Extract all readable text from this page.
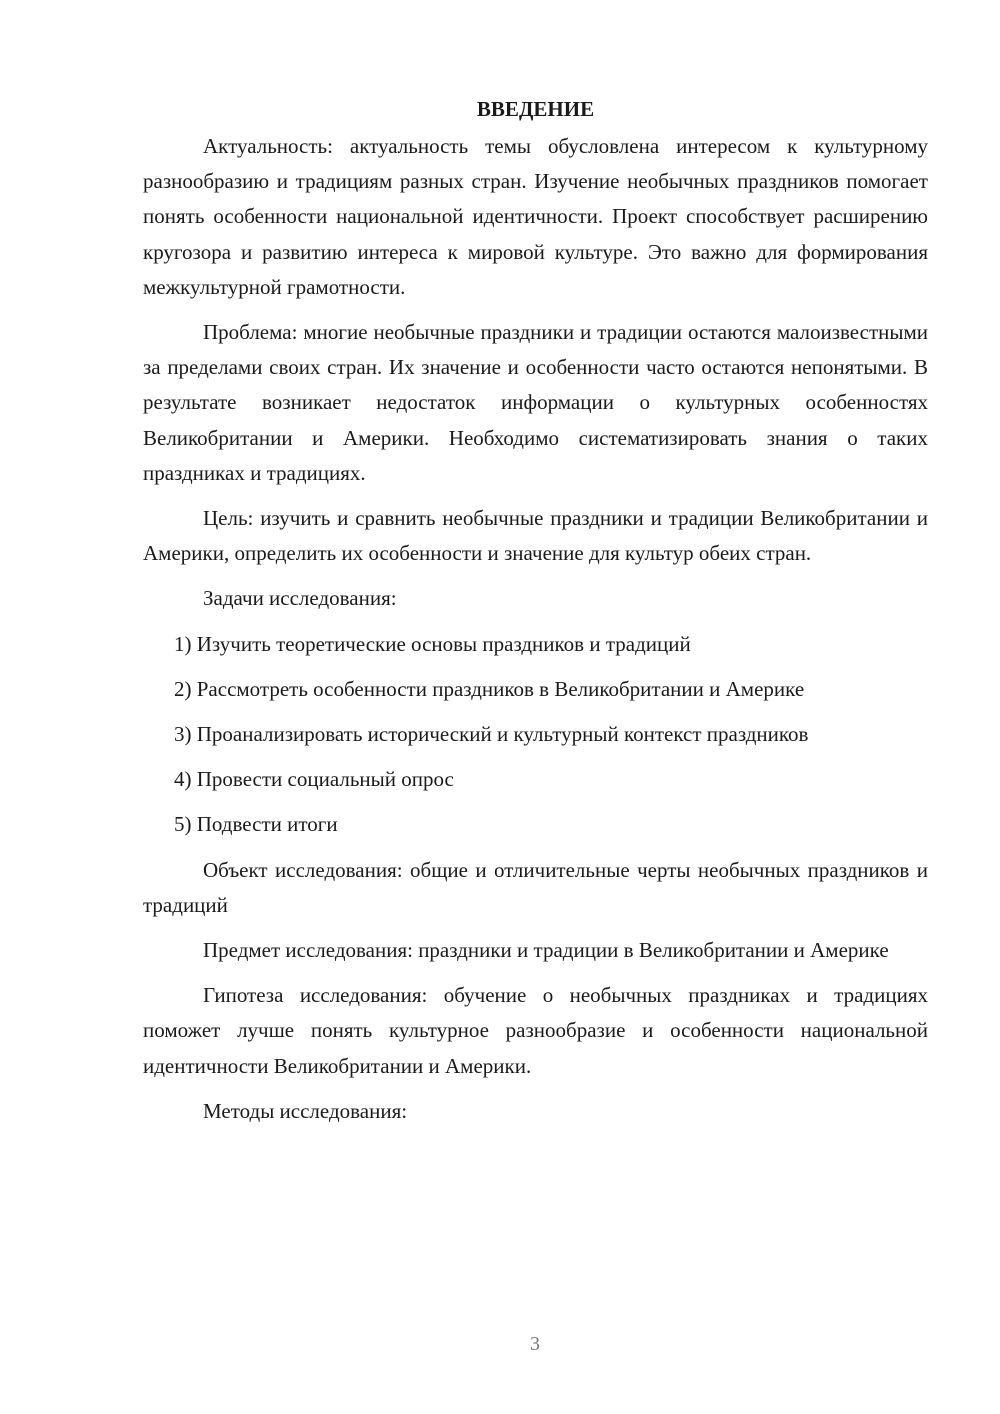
ВВЕДЕНИЕ

Актуальность: актуальность темы обусловлена интересом к культурному разнообразию и традициям разных стран. Изучение необычных праздников помогает понять особенности национальной идентичности. Проект способствует расширению кругозора и развитию интереса к мировой культуре. Это важно для формирования межкультурной грамотности.

Проблема: многие необычные праздники и традиции остаются малоизвестными за пределами своих стран. Их значение и особенности часто остаются непонятыми. В результате возникает недостаток информации о культурных особенностях Великобритании и Америки. Необходимо систематизировать знания о таких праздниках и традициях.

Цель: изучить и сравнить необычные праздники и традиции Великобритании и Америки, определить их особенности и значение для культур обеих стран.

Задачи исследования:

1) Изучить теоретические основы праздников и традиций

2) Рассмотреть особенности праздников в Великобритании и Америке

3) Проанализировать исторический и культурный контекст праздников

4) Провести социальный опрос

5) Подвести итоги

Объект исследования: общие и отличительные черты необычных праздников и традиций

Предмет исследования: праздники и традиции в Великобритании и Америке

Гипотеза исследования: обучение о необычных праздниках и традициях поможет лучше понять культурное разнообразие и особенности национальной идентичности Великобритании и Америки.

Методы исследования:

3
